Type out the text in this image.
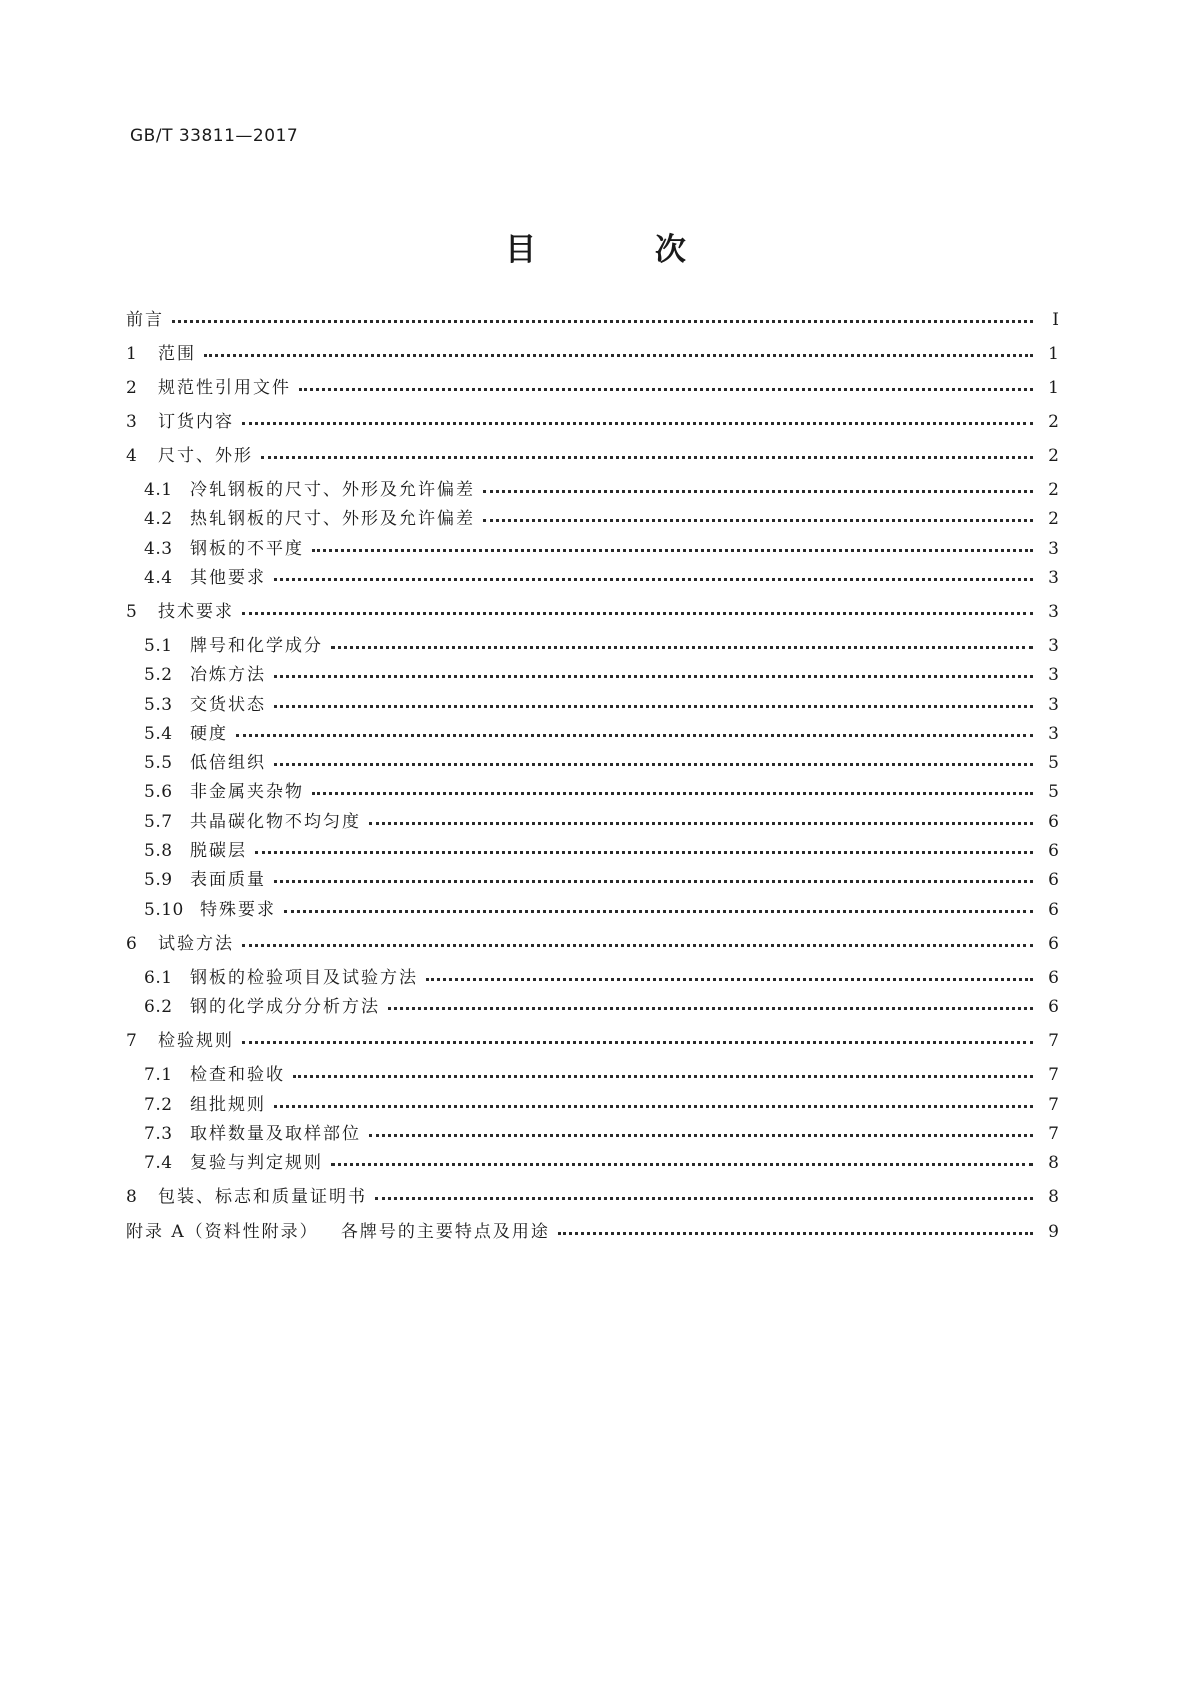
GB/T 33811—2017
目 次
前言	Ⅰ
1	范围	1
2	规范性引用文件	1
3	订货内容	2
4	尺寸、外形	2
4.1	冷轧钢板的尺寸、外形及允许偏差	2
4.2	热轧钢板的尺寸、外形及允许偏差	2
4.3	钢板的不平度	3
4.4	其他要求	3
5	技术要求	3
5.1	牌号和化学成分	3
5.2	冶炼方法	3
5.3	交货状态	3
5.4	硬度	3
5.5	低倍组织	5
5.6	非金属夹杂物	5
5.7	共晶碳化物不均匀度	6
5.8	脱碳层	6
5.9	表面质量	6
5.10 特殊要求	6
6	试验方法	6
6.1	钢板的检验项目及试验方法	6
6.2	钢的化学成分分析方法	6
7	检验规则	7
7.1	检查和验收	7
7.2	组批规则	7
7.3	取样数量及取样部位	7
7.4	复验与判定规则	8
8	包装、标志和质量证明书	8
附录 A（资料性附录）   各牌号的主要特点及用途	9
